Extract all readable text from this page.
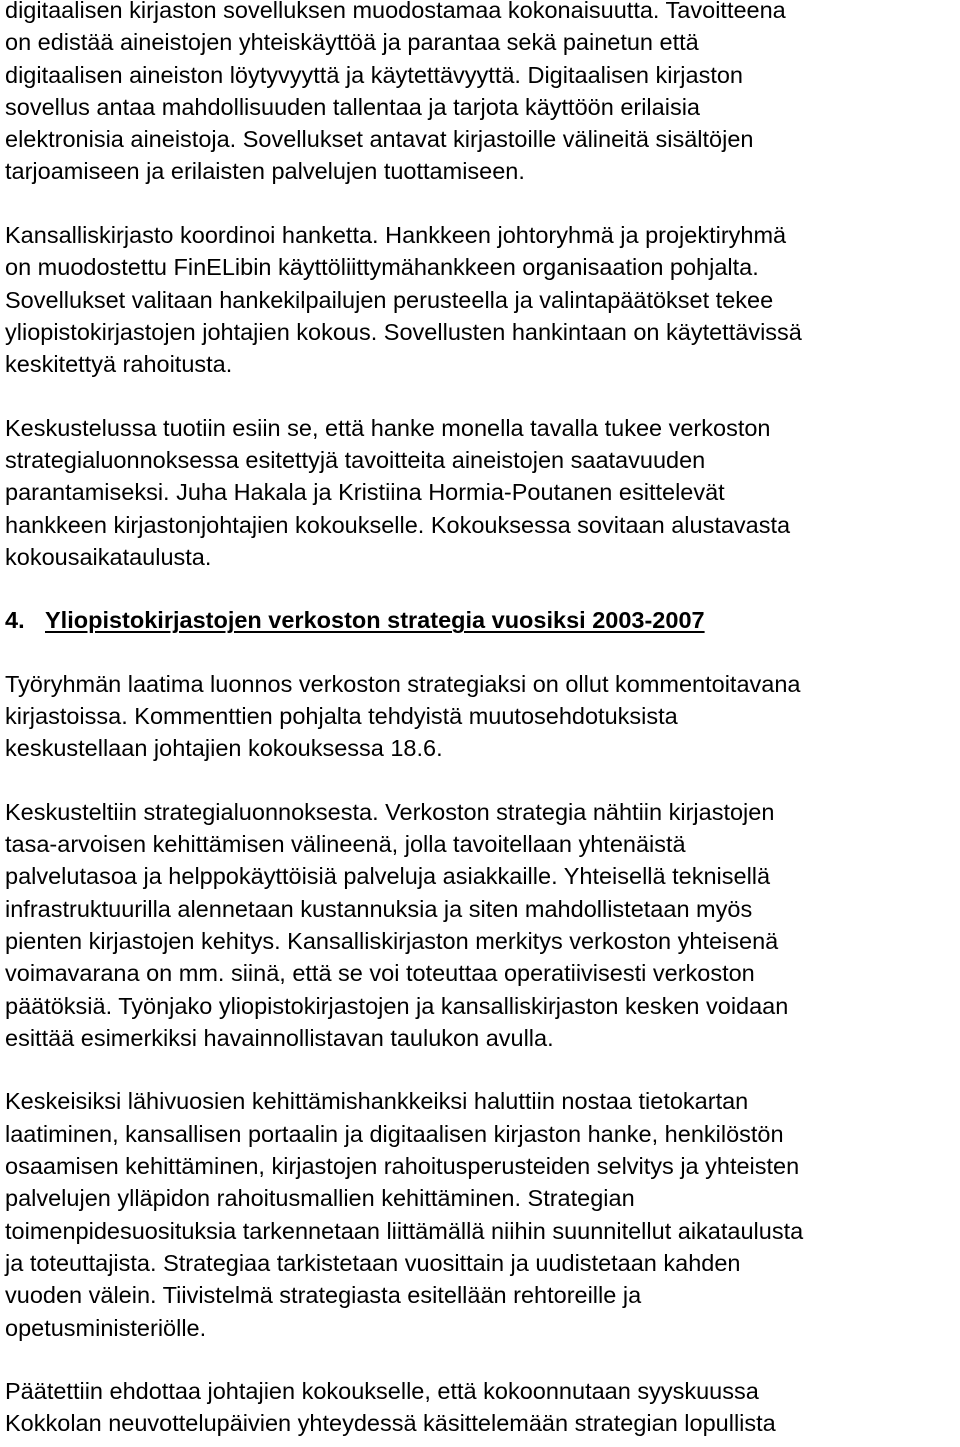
digitaalisen kirjaston sovelluksen muodostamaa kokonaisuutta. Tavoitteena
on edistää aineistojen yhteiskäyttöä ja parantaa sekä painetun että
digitaalisen aineiston löytyvyyttä ja käytettävyyttä. Digitaalisen kirjaston
sovellus antaa mahdollisuuden tallentaa ja tarjota käyttöön erilaisia
elektronisia aineistoja. Sovellukset antavat kirjastoille välineitä sisältöjen
tarjoamiseen ja erilaisten palvelujen tuottamiseen.
Kansalliskirjasto koordinoi hanketta. Hankkeen johtoryhmä ja projektiryhmä
on muodostettu FinELibin käyttöliittymähankkeen organisaation pohjalta.
Sovellukset valitaan hankekilpailujen perusteella ja valintapäätökset tekee
yliopistokirjastojen johtajien kokous. Sovellusten hankintaan on käytettävissä
keskitettyä rahoitusta.
Keskustelussa tuotiin esiin se, että hanke monella tavalla tukee verkoston
strategialuonnoksessa esitettyjä tavoitteita aineistojen saatavuuden
parantamiseksi. Juha Hakala ja Kristiina Hormia-Poutanen esittelevät
hankkeen kirjastonjohtajien kokoukselle. Kokouksessa sovitaan alustavasta
kokousaikataulusta.
4. Yliopistokirjastojen verkoston strategia vuosiksi 2003-2007
Työryhmän laatima luonnos verkoston strategiaksi on ollut kommentoitavana
kirjastoissa. Kommenttien pohjalta tehdyistä muutosehdotuksista
keskustellaan johtajien kokouksessa 18.6.
Keskusteltiin strategialuonnoksesta. Verkoston strategia nähtiin kirjastojen
tasa-arvoisen kehittämisen välineenä, jolla tavoitellaan yhtenäistä
palvelutasoa ja helppokäyttöisiä palveluja asiakkaille. Yhteisellä teknisellä
infrastruktuurilla alennetaan kustannuksia ja siten mahdollistetaan myös
pienten kirjastojen kehitys. Kansalliskirjaston merkitys verkoston yhteisenä
voimavarana on mm. siinä, että se voi toteuttaa operatiivisesti verkoston
päätöksiä. Työnjako yliopistokirjastojen ja kansalliskirjaston kesken voidaan
esittää esimerkiksi havainnollistavan taulukon avulla.
Keskeisiksi lähivuosien kehittämishankkeiksi haluttiin nostaa tietokartan
laatiminen, kansallisen portaalin ja digitaalisen kirjaston hanke, henkilöstön
osaamisen kehittäminen, kirjastojen rahoitusperusteiden selvitys ja yhteisten
palvelujen ylläpidon rahoitusmallien kehittäminen. Strategian
toimenpidesuosituksia tarkennetaan liittämällä niihin suunnitellut aikataulusta
ja toteuttajista. Strategiaa tarkistetaan vuosittain ja uudistetaan kahden
vuoden välein. Tiivistelmä strategiasta esitellään rehtoreille ja
opetusministeriölle.
Päätettiin ehdottaa johtajien kokoukselle, että kokoonnutaan syyskuussa
Kokkolan neuvottelupäivien yhteydessä käsittelemään strategian lopullista
